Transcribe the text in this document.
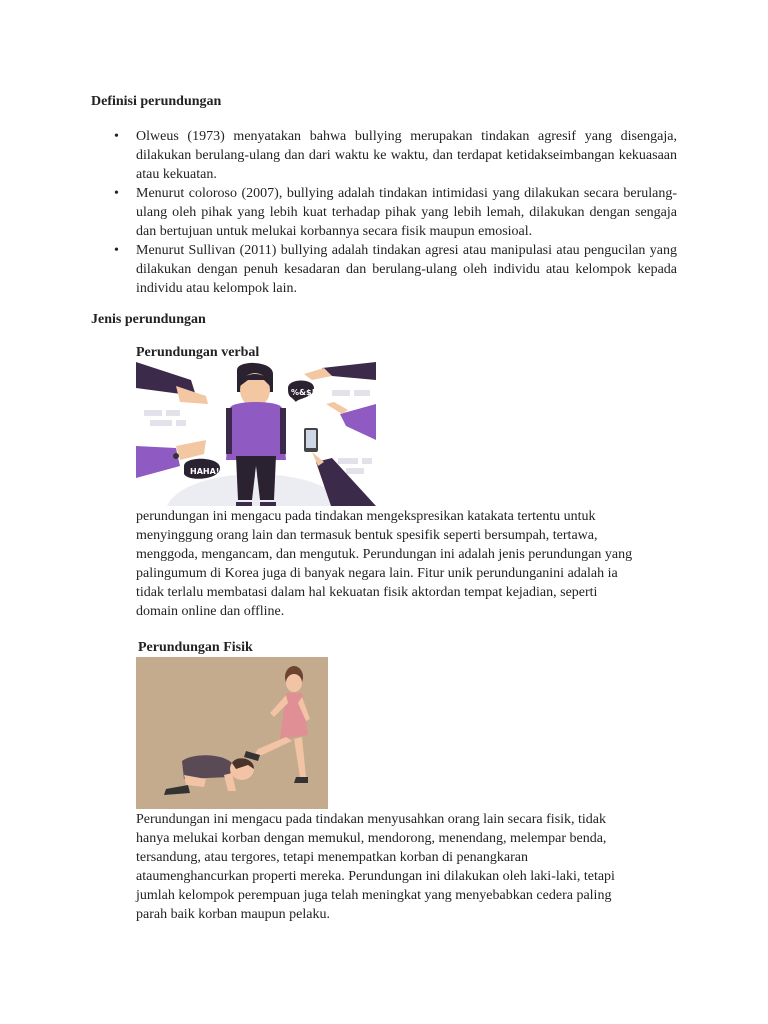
Definisi perundungan
• Olweus (1973) menyatakan bahwa bullying merupakan tindakan agresif yang disengaja, dilakukan berulang-ulang dan dari waktu ke waktu, dan terdapat ketidakseimbangan kekuasaan atau kekuatan.
• Menurut coloroso (2007), bullying adalah tindakan intimidasi yang dilakukan secara berulang-ulang oleh pihak yang lebih kuat terhadap pihak yang lebih lemah, dilakukan dengan sengaja dan bertujuan untuk melukai korbannya secara fisik maupun emosioal.
• Menurut Sullivan (2011) bullying adalah tindakan agresi atau manipulasi atau pengucilan yang dilakukan dengan penuh kesadaran dan berulang-ulang oleh individu atau kelompok kepada individu atau kelompok lain.
Jenis perundungan
Perundungan verbal
%&$!#
HAHA!
perundungan ini mengacu pada tindakan mengekspresikan katakata tertentu untuk
menyinggung orang lain dan termasuk bentuk spesifik seperti bersumpah, tertawa,
menggoda, mengancam, dan mengutuk. Perundungan ini adalah jenis perundungan yang
palingumum di Korea juga di banyak negara lain. Fitur unik perundunganini adalah ia
tidak terlalu membatasi dalam hal kekuatan fisik aktordan tempat kejadian, seperti
domain online dan offline.
Perundungan Fisik
Perundungan ini mengacu pada tindakan menyusahkan orang lain secara fisik, tidak
hanya melukai korban dengan memukul, mendorong, menendang, melempar benda,
tersandung, atau tergores, tetapi menempatkan korban di penangkaran
ataumenghancurkan properti mereka. Perundungan ini dilakukan oleh laki-laki, tetapi
jumlah kelompok perempuan juga telah meningkat yang menyebabkan cedera paling
parah baik korban maupun pelaku.
